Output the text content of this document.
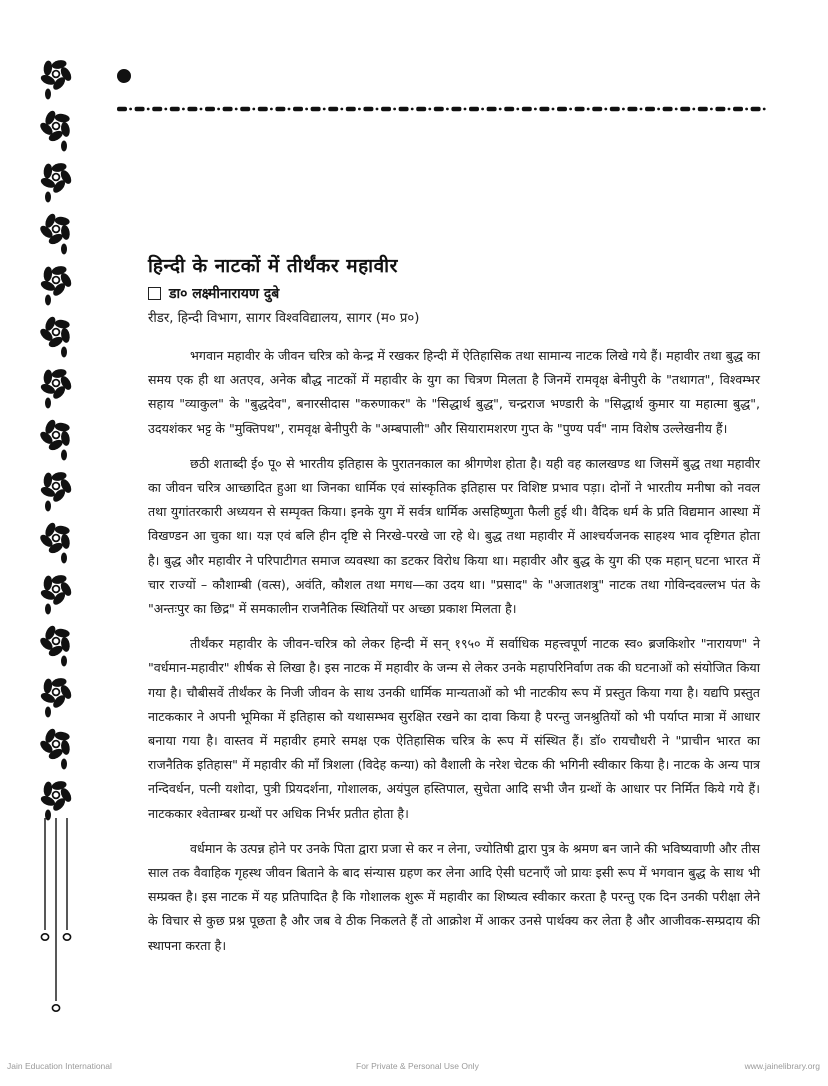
हिन्दी के नाटकों में तीर्थंकर महावीर
डा० लक्ष्मीनारायण दुबे
रीडर, हिन्दी विभाग, सागर विश्वविद्यालय, सागर (म० प्र०)

भगवान महावीर के जीवन चरित्र को केन्द्र में रखकर हिन्दी में ऐतिहासिक तथा सामान्य नाटक लिखे गये हैं। महावीर तथा बुद्ध का समय एक ही था अतएव, अनेक बौद्ध नाटकों में महावीर के युग का चित्रण मिलता है जिनमें रामवृक्ष बेनीपुरी के "तथागत", विश्वम्भर सहाय "व्याकुल" के "बुद्धदेव", बनारसीदास "करुणाकर" के "सिद्धार्थ बुद्ध", चन्द्रराज भण्डारी के "सिद्धार्थ कुमार या महात्मा बुद्ध", उदयशंकर भट्ट के "मुक्तिपथ", रामवृक्ष बेनीपुरी के "अम्बपाली" और सियारामशरण गुप्त के "पुण्य पर्व" नाम विशेष उल्लेखनीय हैं।

छठी शताब्दी ई० पू० से भारतीय इतिहास के पुरातनकाल का श्रीगणेश होता है। यही वह कालखण्ड था जिसमें बुद्ध तथा महावीर का जीवन चरित्र आच्छादित हुआ था जिनका धार्मिक एवं सांस्कृतिक इतिहास पर विशिष्ट प्रभाव पड़ा। दोनों ने भारतीय मनीषा को नवल तथा युगांतरकारी अध्ययन से सम्पृक्त किया। इनके युग में सर्वत्र धार्मिक असहिष्णुता फैली हुई थी। वैदिक धर्म के प्रति विद्यमान आस्था में विखण्डन आ चुका था। यज्ञ एवं बलि हीन दृष्टि से निरखे-परखे जा रहे थे। बुद्ध तथा महावीर में आश्चर्यजनक साहश्य भाव दृष्टिगत होता है। बुद्ध और महावीर ने परिपाटीगत समाज व्यवस्था का डटकर विरोध किया था। महावीर और बुद्ध के युग की एक महान् घटना भारत में चार राज्यों – कौशाम्बी (वत्स), अवंति, कौशल तथा मगध—का उदय था। "प्रसाद" के "अजातशत्रु" नाटक तथा गोविन्दवल्लभ पंत के "अन्तःपुर का छिद्र" में समकालीन राजनैतिक स्थितियों पर अच्छा प्रकाश मिलता है।

तीर्थंकर महावीर के जीवन-चरित्र को लेकर हिन्दी में सन् १९५० में सर्वाधिक महत्त्वपूर्ण नाटक स्व० ब्रजकिशोर "नारायण" ने "वर्धमान-महावीर" शीर्षक से लिखा है। इस नाटक में महावीर के जन्म से लेकर उनके महापरिनिर्वाण तक की घटनाओं को संयोजित किया गया है। चौबीसवें तीर्थंकर के निजी जीवन के साथ उनकी धार्मिक मान्यताओं को भी नाटकीय रूप में प्रस्तुत किया गया है। यद्यपि प्रस्तुत नाटककार ने अपनी भूमिका में इतिहास को यथासम्भव सुरक्षित रखने का दावा किया है परन्तु जनश्रुतियों को भी पर्याप्त मात्रा में आधार बनाया गया है। वास्तव में महावीर हमारे समक्ष एक ऐतिहासिक चरित्र के रूप में संस्थित हैं। डॉ० रायचौधरी ने "प्राचीन भारत का राजनैतिक इतिहास" में महावीर की माँ त्रिशला (विदेह कन्या) को वैशाली के नरेश चेटक की भगिनी स्वीकार किया है। नाटक के अन्य पात्र नन्दिवर्धन, पत्नी यशोदा, पुत्री प्रियदर्शना, गोशालक, अयंपुल हस्तिपाल, सुचेता आदि सभी जैन ग्रन्थों के आधार पर निर्मित किये गये हैं। नाटककार श्वेताम्बर ग्रन्थों पर अधिक निर्भर प्रतीत होता है।

वर्धमान के उत्पन्न होने पर उनके पिता द्वारा प्रजा से कर न लेना, ज्योतिषी द्वारा पुत्र के श्रमण बन जाने की भविष्यवाणी और तीस साल तक वैवाहिक गृहस्थ जीवन बिताने के बाद संन्यास ग्रहण कर लेना आदि ऐसी घटनाएँ जो प्रायः इसी रूप में भगवान बुद्ध के साथ भी सम्प्रक्त है। इस नाटक में यह प्रतिपादित है कि गोशालक शुरू में महावीर का शिष्यत्व स्वीकार करता है परन्तु एक दिन उनकी परीक्षा लेने के विचार से कुछ प्रश्न पूछता है और जब वे ठीक निकलते हैं तो आक्रोश में आकर उनसे पार्थक्य कर लेता है और आजीवक-सम्प्रदाय की स्थापना करता है।

Jain Education International	For Private & Personal Use Only	www.jainelibrary.org
